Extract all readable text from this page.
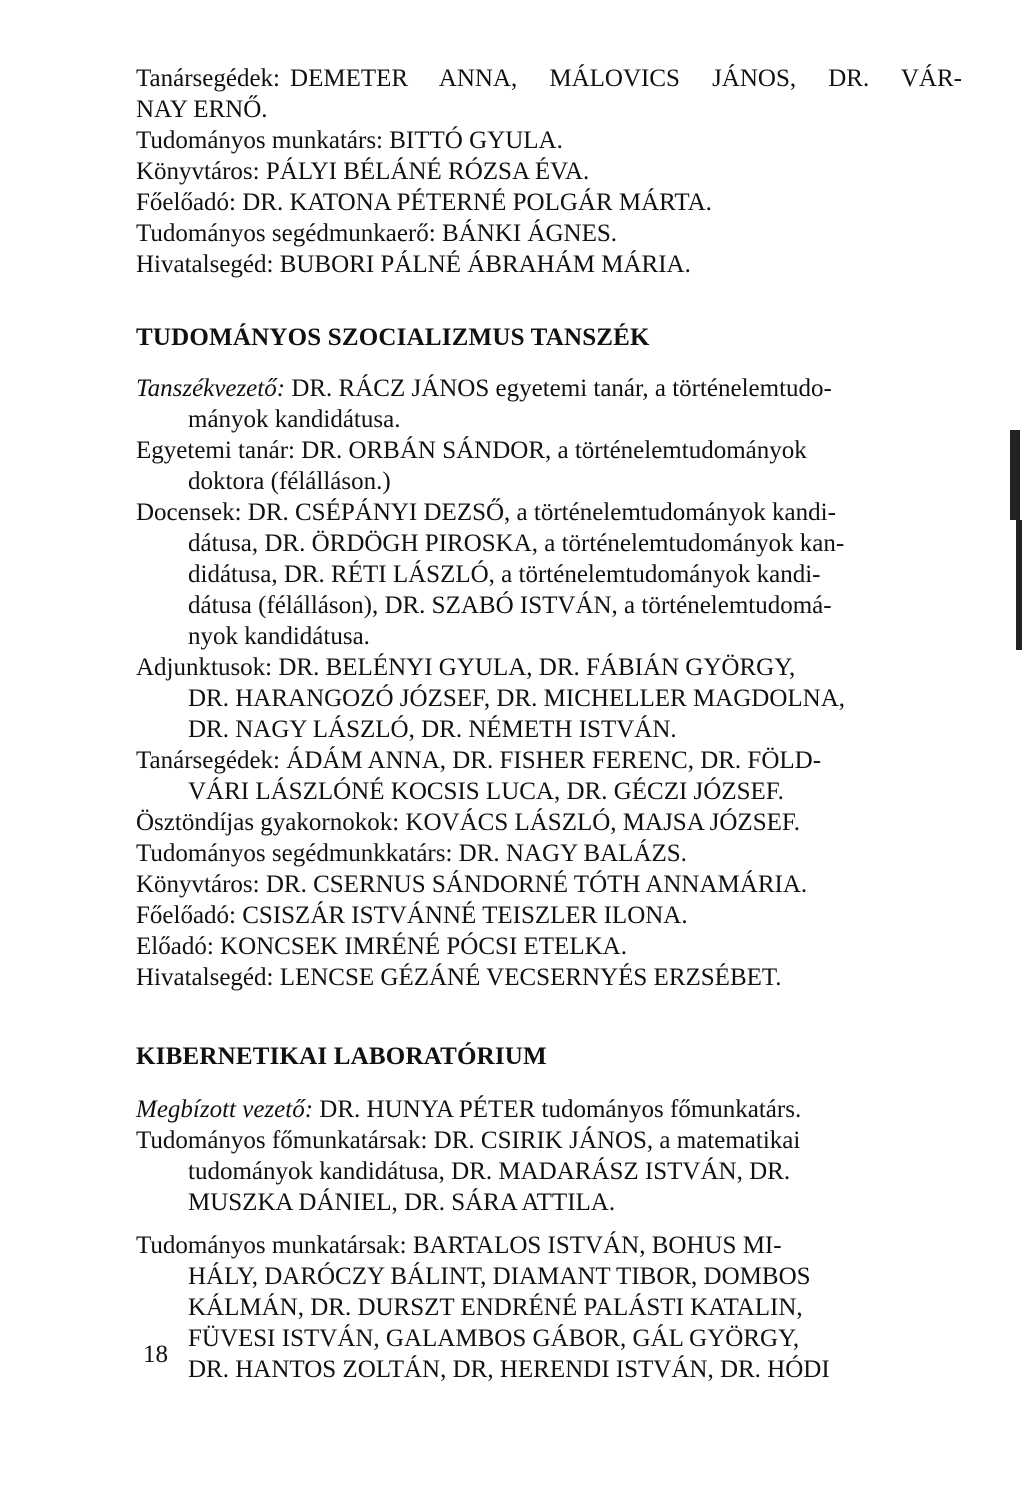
Tanársegédek: DEMETER ANNA, MÁLOVICS JÁNOS, DR. VÁR-
NAY ERNŐ.
Tudományos munkatárs: BITTÓ GYULA.
Könyvtáros: PÁLYI BÉLÁNÉ RÓZSA ÉVA.
Főelőadó: DR. KATONA PÉTERNÉ POLGÁR MÁRTA.
Tudományos segédmunkaerő: BÁNKI ÁGNES.
Hivatalsegéd: BUBORI PÁLNÉ ÁBRAHÁM MÁRIA.
TUDOMÁNYOS SZOCIALIZMUS TANSZÉK
Tanszékvezető: DR. RÁCZ JÁNOS egyetemi tanár, a történelemtudo-
mányok kandidátusa.
Egyetemi tanár: DR. ORBÁN SÁNDOR, a történelemtudományok
doktora (félálláson.)
Docensek: DR. CSÉPÁNYI DEZSŐ, a történelemtudományok kandi-
dátusa, DR. ÖRDÖGH PIROSKA, a történelemtudományok kan-
didátusa, DR. RÉTI LÁSZLÓ, a történelemtudományok kandi-
dátusa (félálláson), DR. SZABÓ ISTVÁN, a történelemtudomá-
nyok kandidátusa.
Adjunktusok: DR. BELÉNYI GYULA, DR. FÁBIÁN GYÖRGY,
DR. HARANGOZÓ JÓZSEF, DR. MICHELLER MAGDOLNA,
DR. NAGY LÁSZLÓ, DR. NÉMETH ISTVÁN.
Tanársegédek: ÁDÁM ANNA, DR. FISHER FERENC, DR. FÖLD-
VÁRI LÁSZLÓNÉ KOCSIS LUCA, DR. GÉCZI JÓZSEF.
Ösztöndíjas gyakornokok: KOVÁCS LÁSZLÓ, MAJSA JÓZSEF.
Tudományos segédmunkkatárs: DR. NAGY BALÁZS.
Könyvtáros: DR. CSERNUS SÁNDORNÉ TÓTH ANNAMÁRIA.
Főelőadó: CSISZÁR ISTVÁNNÉ TEISZLER ILONA.
Előadó: KONCSEK IMRÉNÉ PÓCSI ETELKA.
Hivatalsegéd: LENCSE GÉZÁNÉ VECSERNYÉS ERZSÉBET.
KIBERNETIKAI LABORATÓRIUM
Megbízott vezető: DR. HUNYA PÉTER tudományos főmunkatárs.
Tudományos főmunkatársak: DR. CSIRIK JÁNOS, a matematikai
tudományok kandidátusa, DR. MADARÁSZ ISTVÁN, DR.
MUSZKA DÁNIEL, DR. SÁRA ATTILA.
Tudományos munkatársak: BARTALOS ISTVÁN, BOHUS MI-
HÁLY, DARÓCZY BÁLINT, DIAMANT TIBOR, DOMBOS
KÁLMÁN, DR. DURSZT ENDRÉNÉ PALÁSTI KATALIN,
FÜVESI ISTVÁN, GALAMBOS GÁBOR, GÁL GYÖRGY,
DR. HANTOS ZOLTÁN, DR, HERENDI ISTVÁN, DR. HÓDI
18
